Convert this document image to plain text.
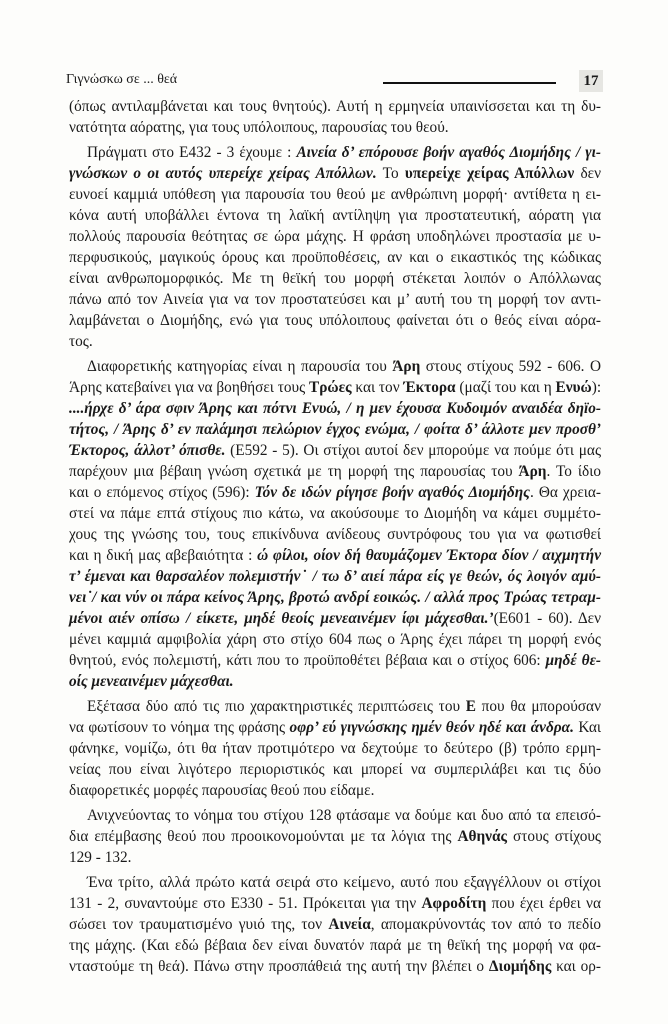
Γιγνώσκω σε ... θεά	17
(όπως αντιλαμβάνεται και τους θνητούς). Αυτή η ερμηνεία υπαινίσσεται και τη δυ-
νατότητα αόρατης, για τους υπόλοιπους, παρουσίας του θεού.
Πράγματι στο Ε432 - 3 έχουμε : Αινεία δ’ επόρουσε βοήν αγαθός Διομήδης / γι-
γνώσκων ο οι αυτός υπερείχε χείρας Απόλλων. Το υπερείχε χείρας Απόλλων δεν
ευνοεί καμμιά υπόθεση για παρουσία του θεού με ανθρώπινη μορφή· αντίθετα η ει-
κόνα αυτή υποβάλλει έντονα τη λαϊκή αντίληψη για προστατευτική, αόρατη για
πολλούς παρουσία θεότητας σε ώρα μάχης. Η φράση υποδηλώνει προστασία με υ-
περφυσικούς, μαγικούς όρους και προϋποθέσεις, αν και ο εικαστικός της κώδικας
είναι ανθρωπομορφικός. Με τη θεϊκή του μορφή στέκεται λοιπόν ο Απόλλωνας
πάνω από τον Αινεία για να τον προστατεύσει και μ’ αυτή του τη μορφή τον αντι-
λαμβάνεται ο Διομήδης, ενώ για τους υπόλοιπους φαίνεται ότι ο θεός είναι αόρα-
τος.
Διαφορετικής κατηγορίας είναι η παρουσία του Άρη στους στίχους 592 - 606. Ο
Άρης κατεβαίνει για να βοηθήσει τους Τρώες και τον Έκτορα (μαζί του και η Ενυώ):
....ήρχε δ’ άρα σφιν Άρης και πότνι Ενυώ, / η μεν έχουσα Κυδοιμόν αναιδέα δηϊο-
τήτος, / Άρης δ’ εν παλάμησι πελώριον έγχος ενώμα, / φοίτα δ’ άλλοτε μεν προσθ’
Έκτορος, άλλοτ’ όπισθε. (Ε592 - 5). Οι στίχοι αυτοί δεν μπορούμε να πούμε ότι μας
παρέχουν μια βέβαιη γνώση σχετικά με τη μορφή της παρουσίας του Άρη. Το ίδιο
και ο επόμενος στίχος (596): Τόν δε ιδών ρίγησε βοήν αγαθός Διομήδης. Θα χρεια-
στεί να πάμε επτά στίχους πιο κάτω, να ακούσουμε το Διομήδη να κάμει συμμέτο-
χους της γνώσης του, τους επικίνδυνα ανίδεους συντρόφους του για να φωτισθεί
και η δική μας αβεβαιότητα : ώ φίλοι, οίον δή θαυμάζομεν Έκτορα δίον / αιχμητήν
τ’ έμεναι και θαρσαλέον πολεμιστήν˙ / τω δ’ αιεί πάρα είς γε θεών, ός λοιγόν αμύ-
νει˙/ και νύν οι πάρα κείνος Άρης, βροτώ ανδρί εοικώς. / αλλά προς Τρώας τετραμ-
μένοι αιέν οπίσω / είκετε, μηδέ θεοίς μενεαινέμεν ίφι μάχεσθαι.’(Ε601 - 60). Δεν
μένει καμμιά αμφιβολία χάρη στο στίχο 604 πως ο Άρης έχει πάρει τη μορφή ενός
θνητού, ενός πολεμιστή, κάτι που το προϋποθέτει βέβαια και ο στίχος 606: μηδέ θε-
οίς μενεαινέμεν μάχεσθαι.
Εξέτασα δύο από τις πιο χαρακτηριστικές περιπτώσεις του Ε που θα μπορούσαν
να φωτίσουν το νόημα της φράσης οφρ’ εύ γιγνώσκης ημέν θεόν ηδέ και άνδρα. Και
φάνηκε, νομίζω, ότι θα ήταν προτιμότερο να δεχτούμε το δεύτερο (β) τρόπο ερμη-
νείας που είναι λιγότερο περιοριστικός και μπορεί να συμπεριλάβει και τις δύο
διαφορετικές μορφές παρουσίας θεού που είδαμε.
Ανιχνεύοντας το νόημα του στίχου 128 φτάσαμε να δούμε και δυο από τα επεισό-
δια επέμβασης θεού που προοικονομούνται με τα λόγια της Αθηνάς στους στίχους
129 - 132.
Ένα τρίτο, αλλά πρώτο κατά σειρά στο κείμενο, αυτό που εξαγγέλλουν οι στίχοι
131 - 2, συναντούμε στο Ε330 - 51. Πρόκειται για την Αφροδίτη που έχει έρθει να
σώσει τον τραυματισμένο γυιό της, τον Αινεία, απομακρύνοντάς τον από το πεδίο
της μάχης. (Και εδώ βέβαια δεν είναι δυνατόν παρά με τη θεϊκή της μορφή να φα-
νταστούμε τη θεά). Πάνω στην προσπάθειά της αυτή την βλέπει ο Διομήδης και ορ-
